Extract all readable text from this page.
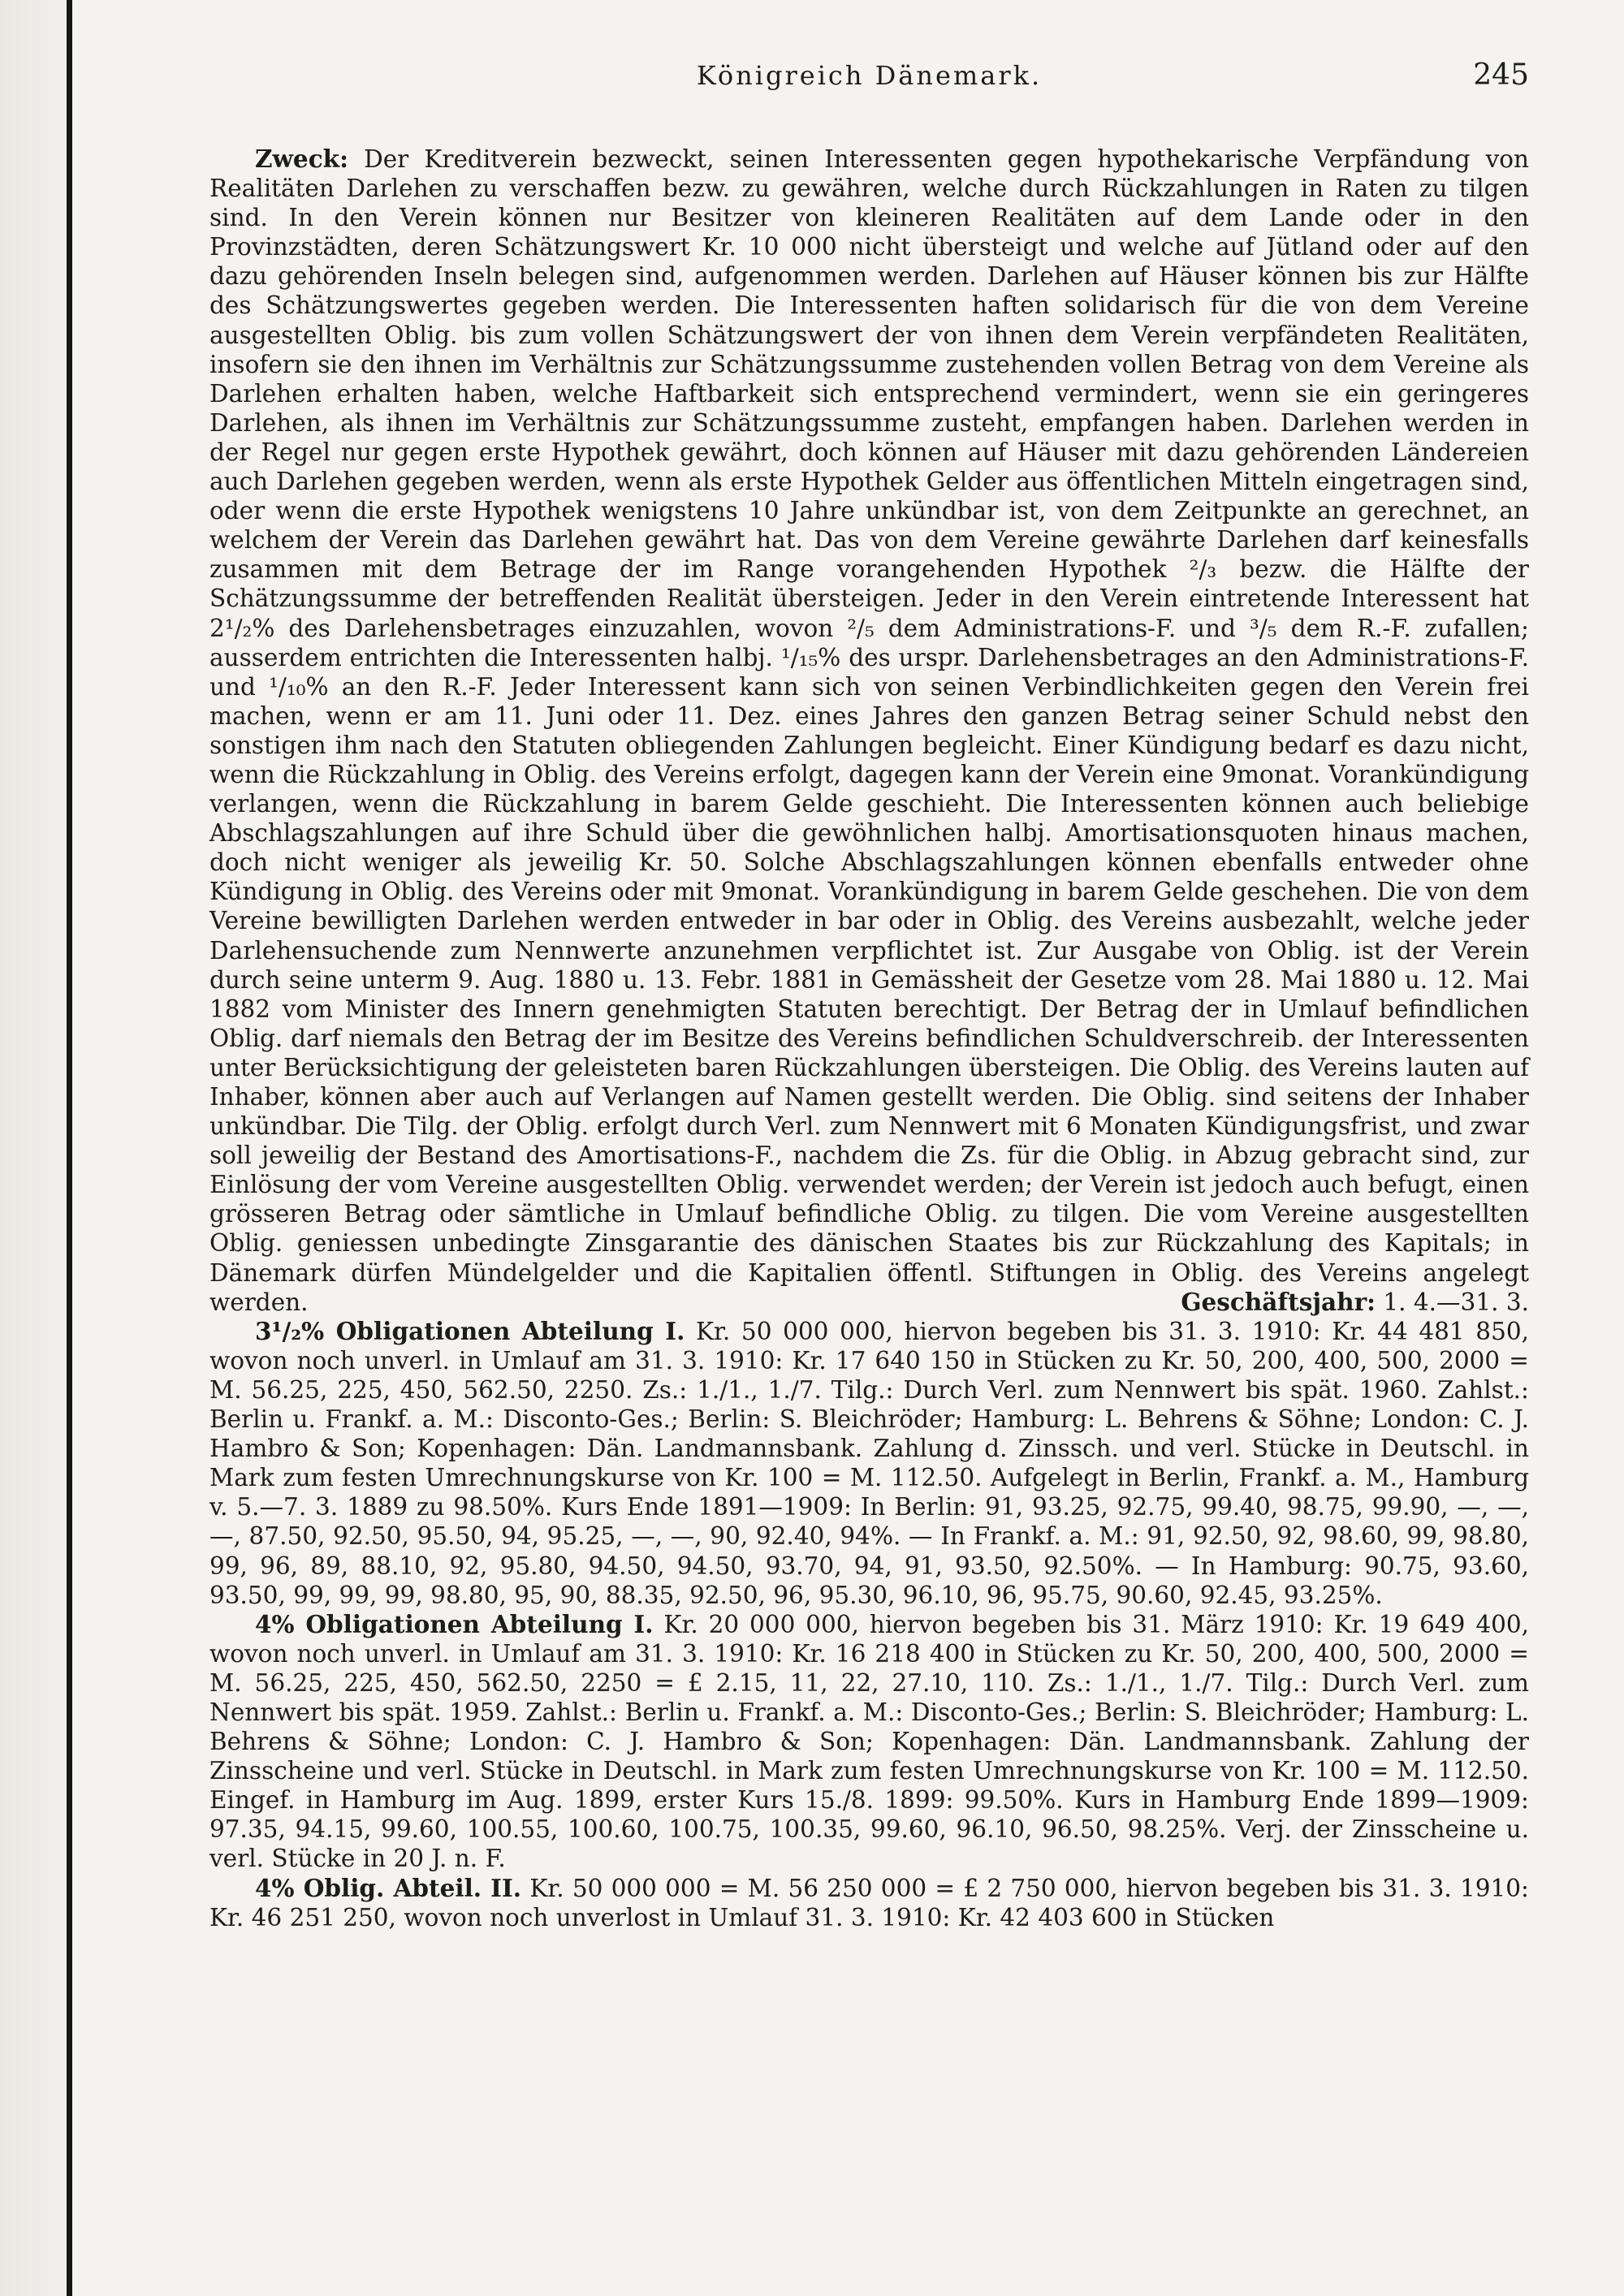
Königreich Dänemark.	245

Zweck: Der Kreditverein bezweckt, seinen Interessenten gegen hypothekarische Verpfändung von Realitäten Darlehen zu verschaffen bezw. zu gewähren, welche durch Rückzahlungen in Raten zu tilgen sind. In den Verein können nur Besitzer von kleineren Realitäten auf dem Lande oder in den Provinzstädten, deren Schätzungswert Kr. 10 000 nicht übersteigt und welche auf Jütland oder auf den dazu gehörenden Inseln belegen sind, aufgenommen werden. Darlehen auf Häuser können bis zur Hälfte des Schätzungswertes gegeben werden. Die Interessenten haften solidarisch für die von dem Vereine ausgestellten Oblig. bis zum vollen Schätzungswert der von ihnen dem Verein verpfändeten Realitäten, insofern sie den ihnen im Verhältnis zur Schätzungssumme zustehenden vollen Betrag von dem Vereine als Darlehen erhalten haben, welche Haftbarkeit sich entsprechend vermindert, wenn sie ein geringeres Darlehen, als ihnen im Verhältnis zur Schätzungssumme zusteht, empfangen haben. Darlehen werden in der Regel nur gegen erste Hypothek gewährt, doch können auf Häuser mit dazu gehörenden Ländereien auch Darlehen gegeben werden, wenn als erste Hypothek Gelder aus öffentlichen Mitteln eingetragen sind, oder wenn die erste Hypothek wenigstens 10 Jahre unkündbar ist, von dem Zeitpunkte an gerechnet, an welchem der Verein das Darlehen gewährt hat. Das von dem Vereine gewährte Darlehen darf keinesfalls zusammen mit dem Betrage der im Range vorangehenden Hypothek ²/₃ bezw. die Hälfte der Schätzungssumme der betreffenden Realität übersteigen. Jeder in den Verein eintretende Interessent hat 2¹/₂% des Darlehensbetrages einzuzahlen, wovon ²/₅ dem Administrations-F. und ³/₅ dem R.-F. zufallen; ausserdem entrichten die Interessenten halbj. ¹/₁₅% des urspr. Darlehensbetrages an den Administrations-F. und ¹/₁₀% an den R.-F. Jeder Interessent kann sich von seinen Verbindlichkeiten gegen den Verein frei machen, wenn er am 11. Juni oder 11. Dez. eines Jahres den ganzen Betrag seiner Schuld nebst den sonstigen ihm nach den Statuten obliegenden Zahlungen begleicht. Einer Kündigung bedarf es dazu nicht, wenn die Rückzahlung in Oblig. des Vereins erfolgt, dagegen kann der Verein eine 9monat. Vorankündigung verlangen, wenn die Rückzahlung in barem Gelde geschieht. Die Interessenten können auch beliebige Abschlagszahlungen auf ihre Schuld über die gewöhnlichen halbj. Amortisationsquoten hinaus machen, doch nicht weniger als jeweilig Kr. 50. Solche Abschlagszahlungen können ebenfalls entweder ohne Kündigung in Oblig. des Vereins oder mit 9monat. Vorankündigung in barem Gelde geschehen. Die von dem Vereine bewilligten Darlehen werden entweder in bar oder in Oblig. des Vereins ausbezahlt, welche jeder Darlehensuchende zum Nennwerte anzunehmen verpflichtet ist. Zur Ausgabe von Oblig. ist der Verein durch seine unterm 9. Aug. 1880 u. 13. Febr. 1881 in Gemässheit der Gesetze vom 28. Mai 1880 u. 12. Mai 1882 vom Minister des Innern genehmigten Statuten berechtigt. Der Betrag der in Umlauf befindlichen Oblig. darf niemals den Betrag der im Besitze des Vereins befindlichen Schuldverschreib. der Interessenten unter Berücksichtigung der geleisteten baren Rückzahlungen übersteigen. Die Oblig. des Vereins lauten auf Inhaber, können aber auch auf Verlangen auf Namen gestellt werden. Die Oblig. sind seitens der Inhaber unkündbar. Die Tilg. der Oblig. erfolgt durch Verl. zum Nennwert mit 6 Monaten Kündigungsfrist, und zwar soll jeweilig der Bestand des Amortisations-F., nachdem die Zs. für die Oblig. in Abzug gebracht sind, zur Einlösung der vom Vereine ausgestellten Oblig. verwendet werden; der Verein ist jedoch auch befugt, einen grösseren Betrag oder sämtliche in Umlauf befindliche Oblig. zu tilgen. Die vom Vereine ausgestellten Oblig. geniessen unbedingte Zinsgarantie des dänischen Staates bis zur Rückzahlung des Kapitals; in Dänemark dürfen Mündelgelder und die Kapitalien öffentl. Stiftungen in Oblig. des Vereins angelegt werden.	Geschäftsjahr: 1. 4.—31. 3.

3¹/₂% Obligationen Abteilung I. Kr. 50 000 000, hiervon begeben bis 31. 3. 1910: Kr. 44 481 850, wovon noch unverl. in Umlauf am 31. 3. 1910: Kr. 17 640 150 in Stücken zu Kr. 50, 200, 400, 500, 2000 = M. 56.25, 225, 450, 562.50, 2250. Zs.: 1./1., 1./7. Tilg.: Durch Verl. zum Nennwert bis spät. 1960. Zahlst.: Berlin u. Frankf. a. M.: Disconto-Ges.; Berlin: S. Bleichröder; Hamburg: L. Behrens & Söhne; London: C. J. Hambro & Son; Kopenhagen: Dän. Landmannsbank. Zahlung d. Zinssch. und verl. Stücke in Deutschl. in Mark zum festen Umrechnungskurse von Kr. 100 = M. 112.50. Aufgelegt in Berlin, Frankf. a. M., Hamburg v. 5.—7. 3. 1889 zu 98.50%. Kurs Ende 1891—1909: In Berlin: 91, 93.25, 92.75, 99.40, 98.75, 99.90, —, —, —, 87.50, 92.50, 95.50, 94, 95.25, —, —, 90, 92.40, 94%. — In Frankf. a. M.: 91, 92.50, 92, 98.60, 99, 98.80, 99, 96, 89, 88.10, 92, 95.80, 94.50, 94.50, 93.70, 94, 91, 93.50, 92.50%. — In Hamburg: 90.75, 93.60, 93.50, 99, 99, 99, 98.80, 95, 90, 88.35, 92.50, 96, 95.30, 96.10, 96, 95.75, 90.60, 92.45, 93.25%.

4% Obligationen Abteilung I. Kr. 20 000 000, hiervon begeben bis 31. März 1910: Kr. 19 649 400, wovon noch unverl. in Umlauf am 31. 3. 1910: Kr. 16 218 400 in Stücken zu Kr. 50, 200, 400, 500, 2000 = M. 56.25, 225, 450, 562.50, 2250 = £ 2.15, 11, 22, 27.10, 110. Zs.: 1./1., 1./7. Tilg.: Durch Verl. zum Nennwert bis spät. 1959. Zahlst.: Berlin u. Frankf. a. M.: Disconto-Ges.; Berlin: S. Bleichröder; Hamburg: L. Behrens & Söhne; London: C. J. Hambro & Son; Kopenhagen: Dän. Landmannsbank. Zahlung der Zinsscheine und verl. Stücke in Deutschl. in Mark zum festen Umrechnungskurse von Kr. 100 = M. 112.50. Eingef. in Hamburg im Aug. 1899, erster Kurs 15./8. 1899: 99.50%. Kurs in Hamburg Ende 1899—1909: 97.35, 94.15, 99.60, 100.55, 100.60, 100.75, 100.35, 99.60, 96.10, 96.50, 98.25%. Verj. der Zinsscheine u. verl. Stücke in 20 J. n. F.

4% Oblig. Abteil. II. Kr. 50 000 000 = M. 56 250 000 = £ 2 750 000, hiervon begeben bis 31. 3. 1910: Kr. 46 251 250, wovon noch unverlost in Umlauf 31. 3. 1910: Kr. 42 403 600 in Stücken
